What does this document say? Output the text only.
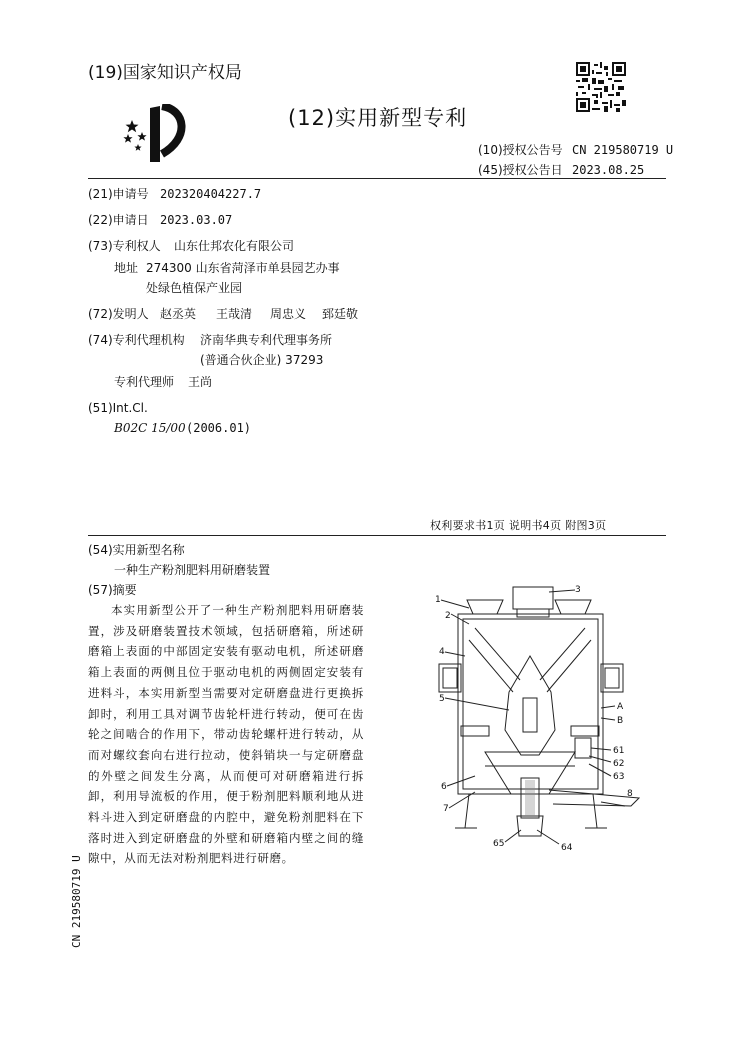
(19)国家知识产权局
(12)实用新型专利
(10)授权公告号 CN 219580719 U
(45)授权公告日 2023.08.25
(21)申请号 202320404227.7
(22)申请日 2023.03.07
(73)专利权人 山东仕邦农化有限公司
地址 274300 山东省菏泽市单县园艺办事
处绿色植保产业园
(72)发明人 赵丞英 王哉清 周忠义 郅廷敬
(74)专利代理机构 济南华典专利代理事务所
(普通合伙企业) 37293
专利代理师 王尚
(51)Int.Cl.
B02C 15/00 (2006.01)
权利要求书1页 说明书4页 附图3页
(54)实用新型名称
一种生产粉剂肥料用研磨装置
(57)摘要
本实用新型公开了一种生产粉剂肥料用研磨装置，涉及研磨装置技术领域，包括研磨箱，所述研磨箱上表面的中部固定安装有驱动电机，所述研磨箱上表面的两侧且位于驱动电机的两侧固定安装有进料斗，本实用新型当需要对定研磨盘进行更换拆卸时，利用工具对调节齿轮杆进行转动，便可在齿轮之间啮合的作用下，带动齿轮螺杆进行转动，从而对螺纹套向右进行拉动，使斜销块一与定研磨盘的外壁之间发生分离，从而便可对研磨箱进行拆卸，利用导流板的作用，便于粉剂肥料顺利地从进料斗进入到定研磨盘的内腔中，避免粉剂肥料在下落时进入到定研磨盘的外壁和研磨箱内壁之间的缝隙中，从而无法对粉剂肥料进行研磨。
CN 219580719 U
1
2
3
4
5
A
B
61
62
63
6
7
8
65	64
